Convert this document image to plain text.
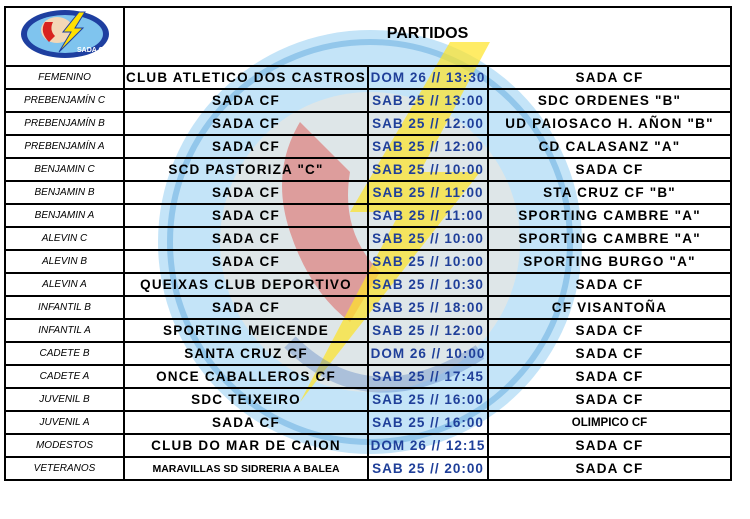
SADA C.F.	PARTIDOS		
FEMENINO	CLUB ATLETICO DOS CASTROS	DOM 26 // 13:30	SADA CF
PREBENJAMÍN C	SADA CF	SAB 25 // 13:00	SDC ORDENES "B"
PREBENJAMÍN B	SADA CF	SAB 25 // 12:00	UD PAIOSACO H. AÑON "B"
PREBENJAMÍN A	SADA CF	SAB 25 // 12:00	CD CALASANZ "A"
BENJAMIN C	SCD PASTORIZA "C"	SAB 25 // 10:00	SADA CF
BENJAMIN B	SADA CF	SAB 25 // 11:00	STA CRUZ CF "B"
BENJAMIN A	SADA CF	SAB 25 // 11:00	SPORTING CAMBRE "A"
ALEVIN C	SADA CF	SAB 25 // 10:00	SPORTING CAMBRE "A"
ALEVIN B	SADA CF	SAB 25 // 10:00	SPORTING BURGO "A"
ALEVIN A	QUEIXAS CLUB DEPORTIVO	SAB 25 // 10:30	SADA CF
INFANTIL B	SADA CF	SAB 25 // 18:00	CF VISANTOÑA
INFANTIL A	SPORTING MEICENDE	SAB 25 // 12:00	SADA CF
CADETE B	SANTA CRUZ CF	DOM 26 // 10:00	SADA CF
CADETE A	ONCE CABALLEROS CF	SAB 25 // 17:45	SADA CF
JUVENIL B	SDC TEIXEIRO	SAB 25 // 16:00	SADA CF
JUVENIL A	SADA CF	SAB 25 // 16:00	OLIMPICO CF
MODESTOS	CLUB DO MAR DE CAION	DOM 26 // 12:15	SADA CF
VETERANOS	MARAVILLAS SD SIDRERIA A BALEA	SAB 25 // 20:00	SADA CF
